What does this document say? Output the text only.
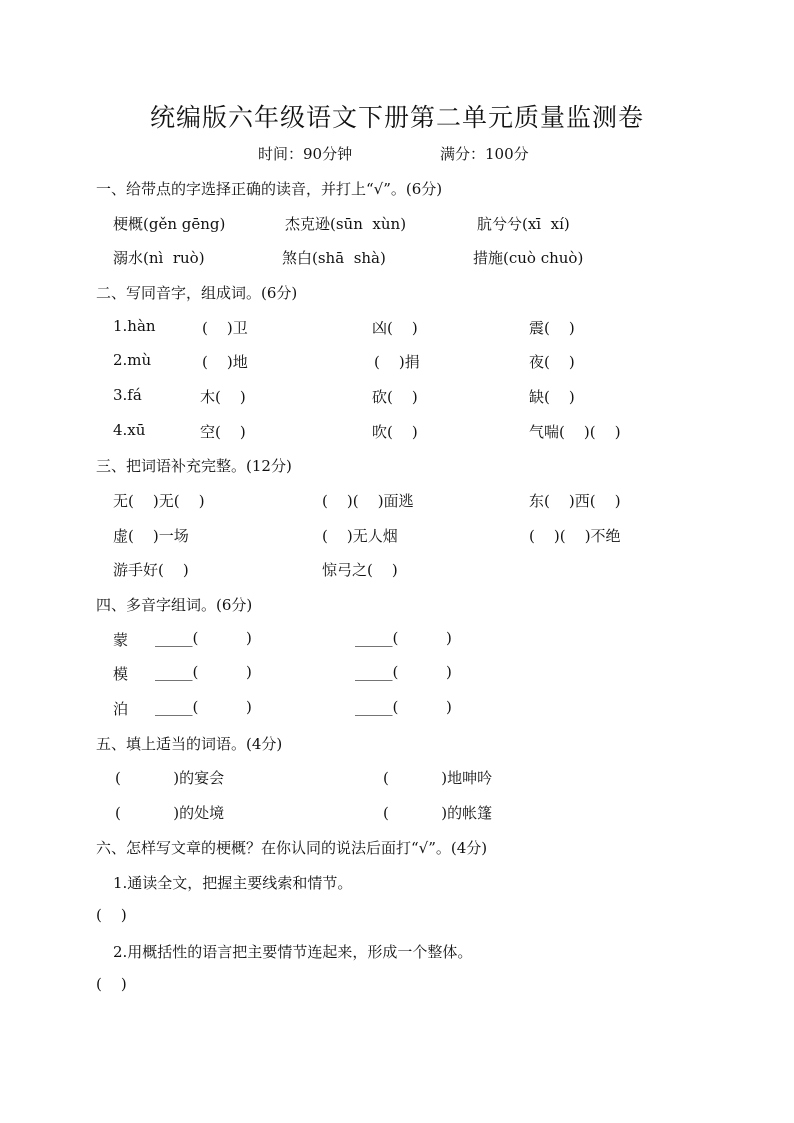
统编版六年级语文下册第二单元质量监测卷
时间：90分钟	满分：100分
一、给带点的字选择正确的读音，并打上“√”。(6分)
梗概(gěn gēng)	杰克逊(sūn  xùn)	肮兮兮(xī  xí)
溺水(nì  ruò)	煞白(shā  shà)	措施(cuò chuò)
二、写同音字，组成词。(6分)
1.hàn	(    )卫	凶(    )	震(    )
2.mù	(    )地	(    )捐	夜(    )
3.fá	木(    )	砍(    )	缺(    )
4.xū	空(    )	吹(    )	气喘(    )(    )
三、把词语补充完整。(12分)
无(    )无(    )	(    )(    )面逃	东(    )西(    )
虚(    )一场	(    )无人烟	(    )(    )不绝
游手好(    )	惊弓之(    )
四、多音字组词。(6分)
蒙 _____(          )	_____(          )
模 _____(          )	_____(          )
泊 _____(          )	_____(          )
五、填上适当的词语。(4分)
(           )的宴会	(           )地呻吟
(           )的处境	(           )的帐篷
六、怎样写文章的梗概？在你认同的说法后面打“√”。(4分)
1.通读全文，把握主要线索和情节。
(    )
2.用概括性的语言把主要情节连起来，形成一个整体。
(    )
